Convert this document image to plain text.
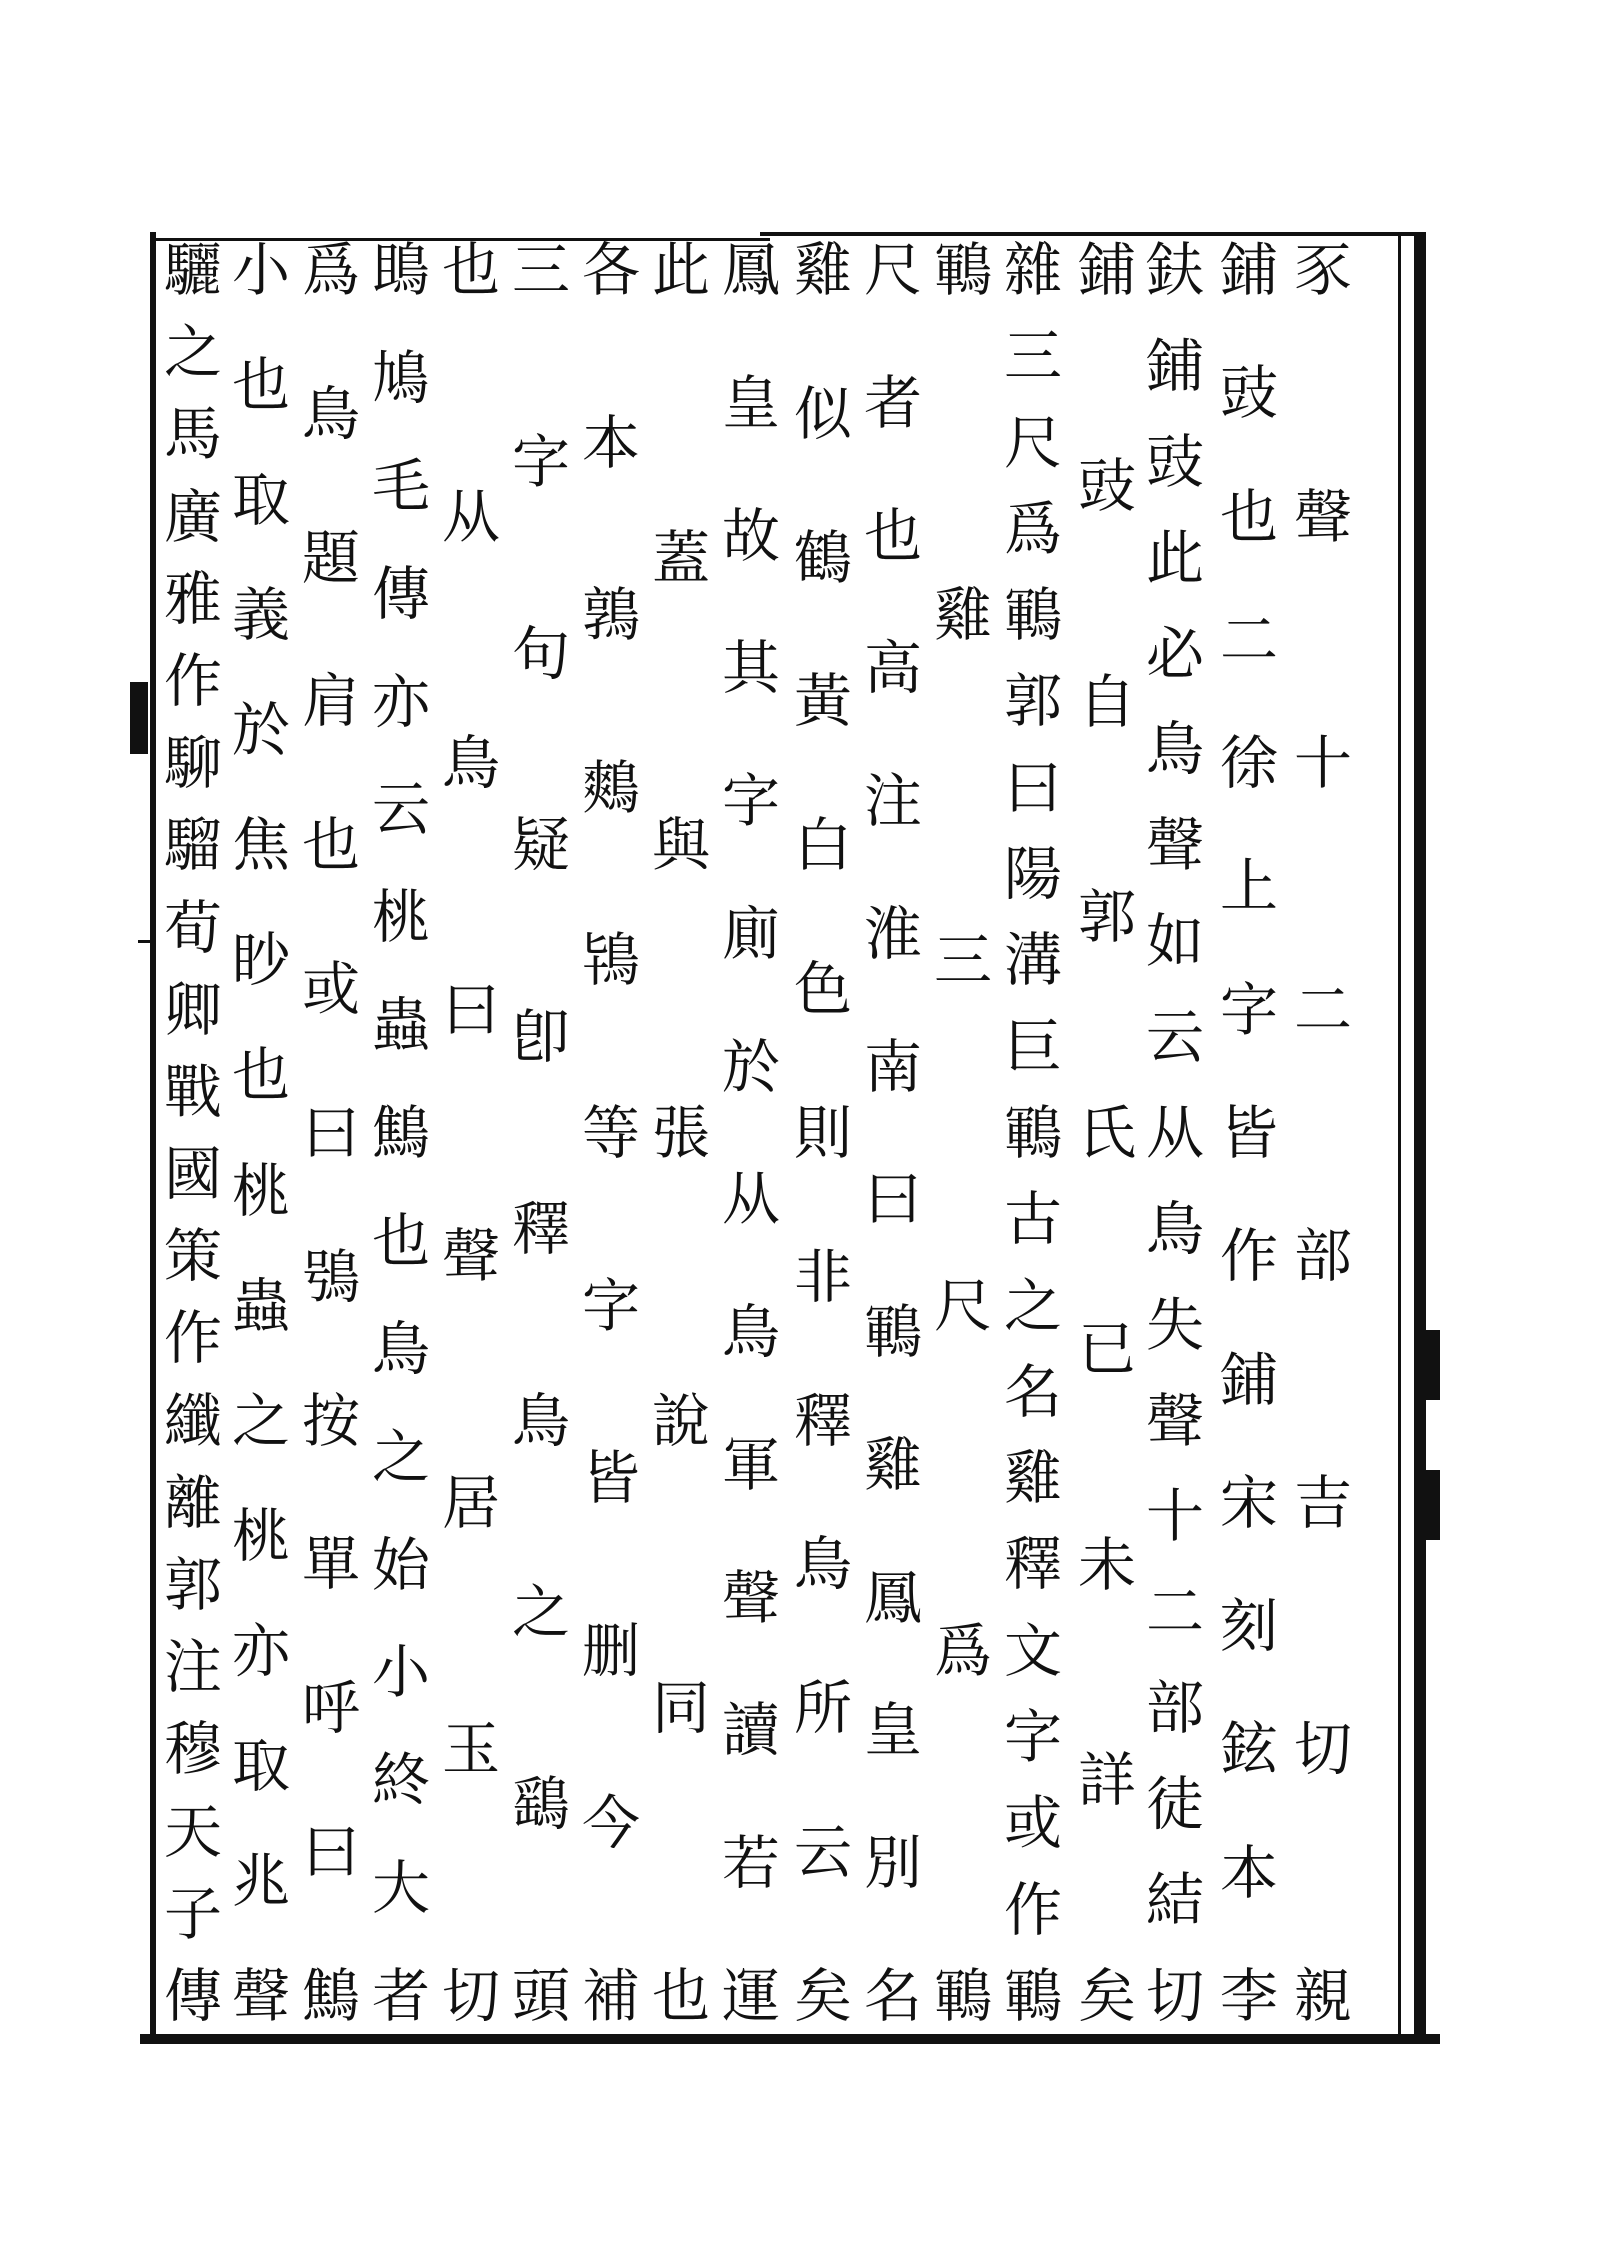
豕
聲
十
二
部
吉
切
親
鋪
豉
也
二
徐
上
字
皆
作
鋪
宋
刻
鉉
本
李
鈇
鋪
豉
此
必
鳥
聲
如
云
从
鳥
失
聲
十
二
部
徒
結
切
鋪
豉
自
郭
氏
已
未
詳
矣
雜
三
尺
爲
鶤
郭
曰
陽
溝
巨
鶤
古
之
名
雞
釋
文
字
或
作
鶤
鶤
雞
三
尺
爲
鶤
尺
者
也
高
注
淮
南
曰
鶤
雞
鳳
皇
別
名
雞
似
鶴
黃
白
色
則
非
釋
鳥
所
云
矣
鳳
皇
故
其
字
廁
於
从
鳥
軍
聲
讀
若
運
此
蓋
與
張
說
同
也
各
本
鶉
鷞
鴇
等
字
皆
删
今
補
三
字
句
疑
卽
釋
鳥
之
鷂
頭
也
从
鳥
曰
聲
居
玉
切
鴡
鳩
毛
傳
亦
云
桃
蟲
鷦
也
鳥
之
始
小
終
大
者
爲
鳥
題
肩
也
或
曰
鴞
按
單
呼
曰
鷦
小
也
取
義
於
焦
眇
也
桃
蟲
之
桃
亦
取
兆
聲
驪
之
馬
廣
雅
作
駠
騮
荀
卿
戰
國
策
作
纖
離
郭
注
穆
天
子
傳
